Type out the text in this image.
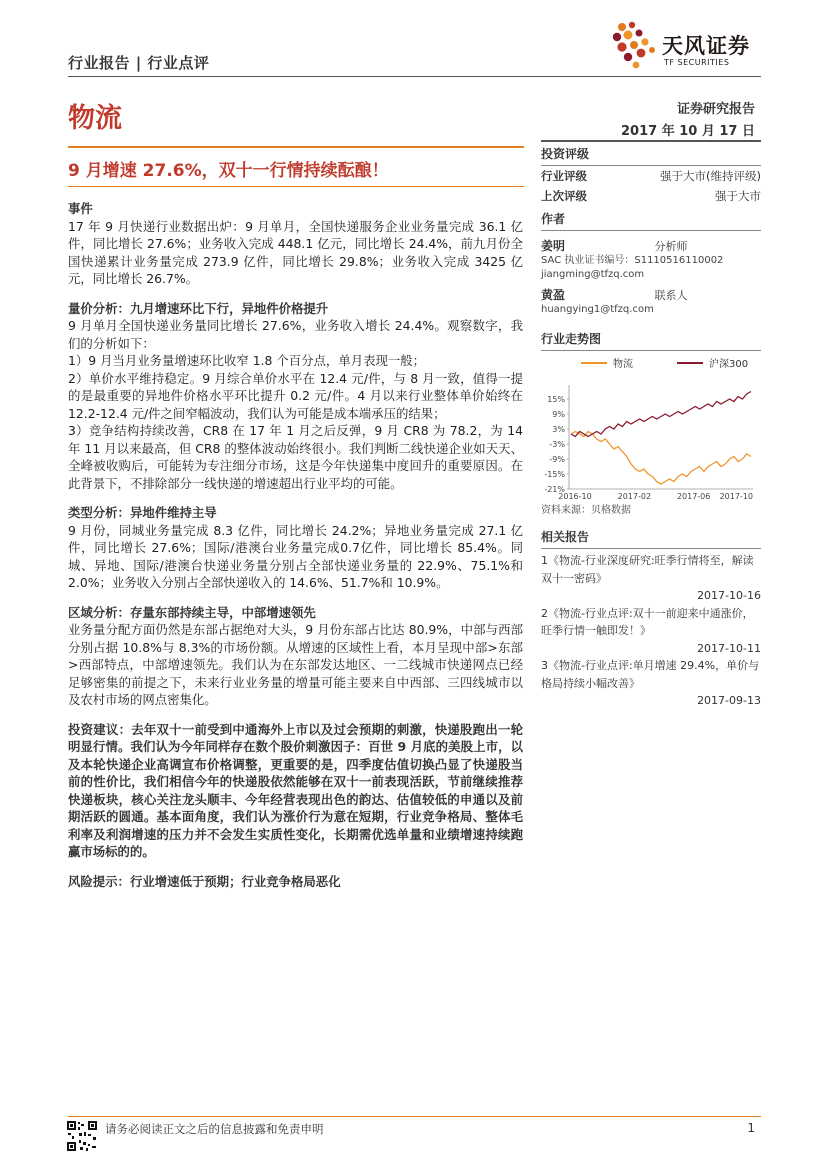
行业报告 | 行业点评
天风证券
TF SECURITIES
物流	证券研究报告
2017 年 10 月 17 日
9 月增速 27.6%，双十一行情持续酝酿！
事件

17 年 9 月快递行业数据出炉：9 月单月，全国快递服务企业业务量完成 36.1 亿件，同比增长 27.6%；业务收入完成 448.1 亿元，同比增长 24.4%，前九月份全国快递累计业务量完成 273.9 亿件，同比增长 29.8%；业务收入完成 3425 亿元，同比增长 26.7%。

量价分析：九月增速环比下行，异地件价格提升

9 月单月全国快递业务量同比增长 27.6%，业务收入增长 24.4%。观察数字，我们的分析如下：

1）9 月当月业务量增速环比收窄 1.8 个百分点，单月表现一般；

2）单价水平维持稳定。9 月综合单价水平在 12.4 元/件，与 8 月一致，值得一提的是最重要的异地件价格水平环比提升 0.2 元/件。4 月以来行业整体单价始终在 12.2-12.4 元/件之间窄幅波动，我们认为可能是成本端承压的结果；

3）竞争结构持续改善，CR8 在 17 年 1 月之后反弹，9 月 CR8 为 78.2，为 14 年 11 月以来最高，但 CR8 的整体波动始终很小。我们判断二线快递企业如天天、全峰被收购后，可能转为专注细分市场，这是今年快递集中度回升的重要原因。在此背景下，不排除部分一线快递的增速超出行业平均的可能。

类型分析：异地件维持主导

9 月份，同城业务量完成 8.3 亿件，同比增长 24.2%；异地业务量完成 27.1 亿件，同比增长 27.6%；国际/港澳台业务量完成0.7亿件，同比增长 85.4%。同城、异地、国际/港澳台快递业务量分别占全部快递业务量的 22.9%、75.1%和 2.0%；业务收入分别占全部快递收入的 14.6%、51.7%和 10.9%。

区域分析：存量东部持续主导，中部增速领先

业务量分配方面仍然是东部占据绝对大头，9 月份东部占比达 80.9%，中部与西部分别占据 10.8%与 8.3%的市场份额。从增速的区域性上看，本月呈现中部>东部>西部特点，中部增速领先。我们认为在东部发达地区、一二线城市快递网点已经足够密集的前提之下，未来行业业务量的增量可能主要来自中西部、三四线城市以及农村市场的网点密集化。

投资建议：去年双十一前受到中通海外上市以及过会预期的刺激，快递股跑出一轮明显行情。我们认为今年同样存在数个股价刺激因子：百世 9 月底的美股上市，以及本轮快递企业高调宣布价格调整，更重要的是，四季度估值切换凸显了快递股当前的性价比，我们相信今年的快递股依然能够在双十一前表现活跃，节前继续推荐快递板块，核心关注龙头顺丰、今年经营表现出色的韵达、估值较低的申通以及前期活跃的圆通。基本面角度，我们认为涨价行为意在短期，行业竞争格局、整体毛利率及利润增速的压力并不会发生实质性变化，长期需优选单量和业绩增速持续跑赢市场标的的。

风险提示：行业增速低于预期；行业竞争格局恶化

投资评级
行业评级	强于大市(维持评级)
上次评级	强于大市
作者
姜明	分析师
SAC 执业证书编号：S1110516110002
jiangming@tfzq.com
黄盈	联系人
huangying1@tfzq.com
行业走势图
物流	沪深300
15%
9%
3%
-3%
-9%
-15%
-21%
2016-10	2017-02	2017-06 2017-10
资料来源：贝格数据
相关报告
1《物流-行业深度研究:旺季行情将至，解读双十一密码》
2017-10-16
2《物流-行业点评:双十一前迎来中通涨价，旺季行情一触即发！》
2017-10-11
3《物流-行业点评:单月增速 29.4%，单价与格局持续小幅改善》
2017-09-13
请务必阅读正文之后的信息披露和免责申明	1
